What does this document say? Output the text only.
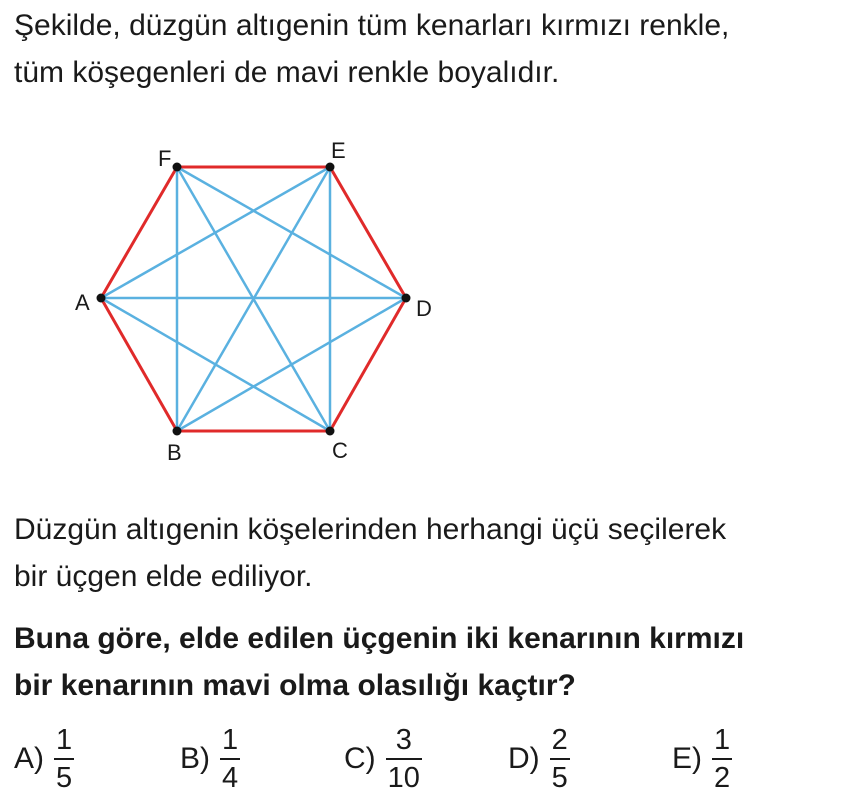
Şekilde, düzgün altıgenin tüm kenarları kırmızı renkle,
tüm köşegenleri de mavi renkle boyalıdır.

A
B	C
D
E
F

Düzgün altıgenin köşelerinden herhangi üçü seçilerek
bir üçgen elde ediliyor.

Buna göre, elde edilen üçgenin iki kenarının kırmızı
bir kenarının mavi olma olasılığı kaçtır?

$A) \frac{1}{5}$	$B) \frac{1}{4}$	$C) \frac{3}{10}$	$D) \frac{2}{5}$	$E) \frac{1}{2}$
